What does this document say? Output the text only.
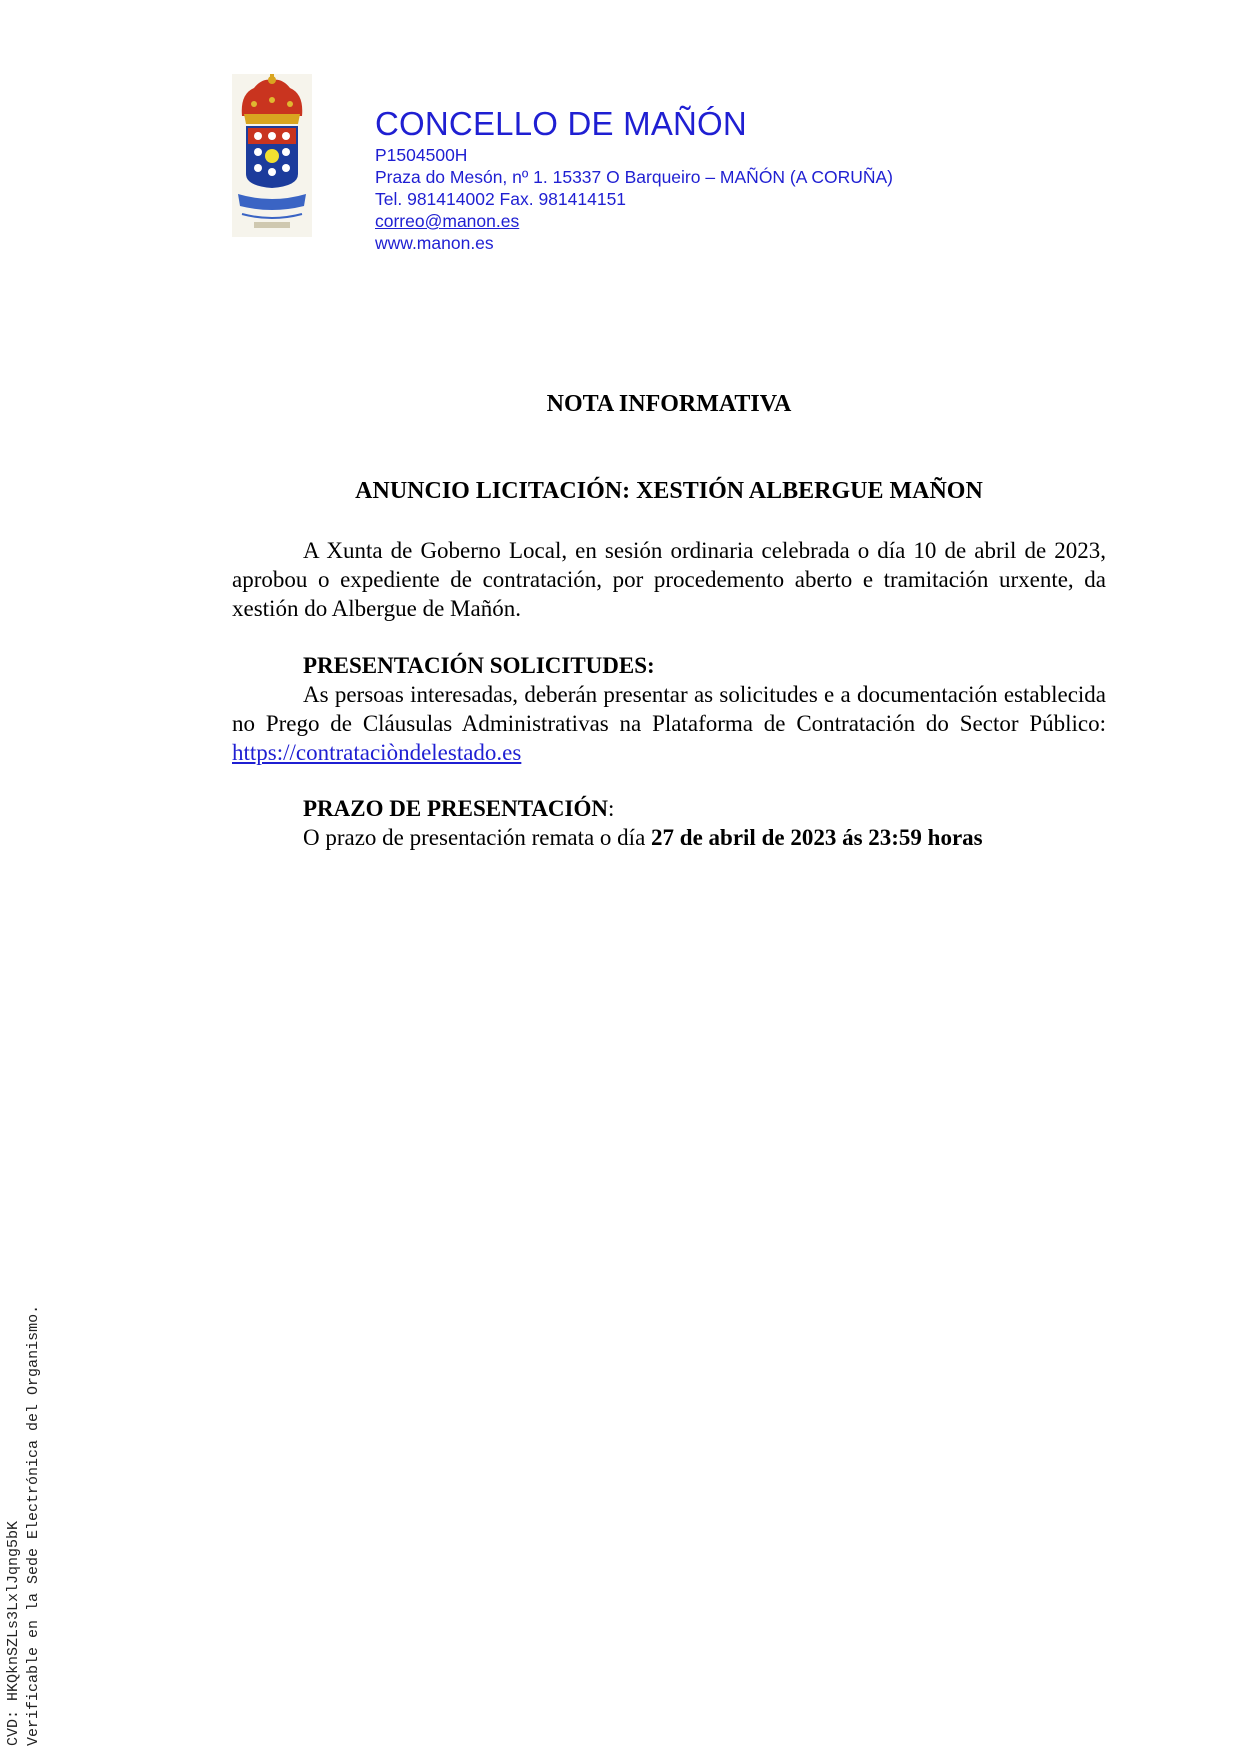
CONCELLO DE MAÑÓN

P1504500H

Praza do Mesón, nº 1. 15337 O Barqueiro – MAÑÓN (A CORUÑA)

Tel. 981414002 Fax. 981414151

correo@manon.es

www.manon.es

NOTA INFORMATIVA

ANUNCIO LICITACIÓN: XESTIÓN ALBERGUE MAÑON

A Xunta de Goberno Local, en sesión ordinaria celebrada o día 10 de abril de 2023, aprobou o expediente de contratación, por procedemento aberto e tramitación urxente, da xestión do Albergue de Mañón.

PRESENTACIÓN SOLICITUDES:

As persoas interesadas, deberán presentar as solicitudes e a documentación establecida no Prego de Cláusulas Administrativas na Plataforma de Contratación do Sector Público: https://contrataciòndelestado.es

PRAZO DE PRESENTACIÓN:

O prazo de presentación remata o día 27 de abril de 2023 ás 23:59 horas

CVD: HKQknSZLs3LxlJqng5bK Verificable en la Sede Electrónica del Organismo.
